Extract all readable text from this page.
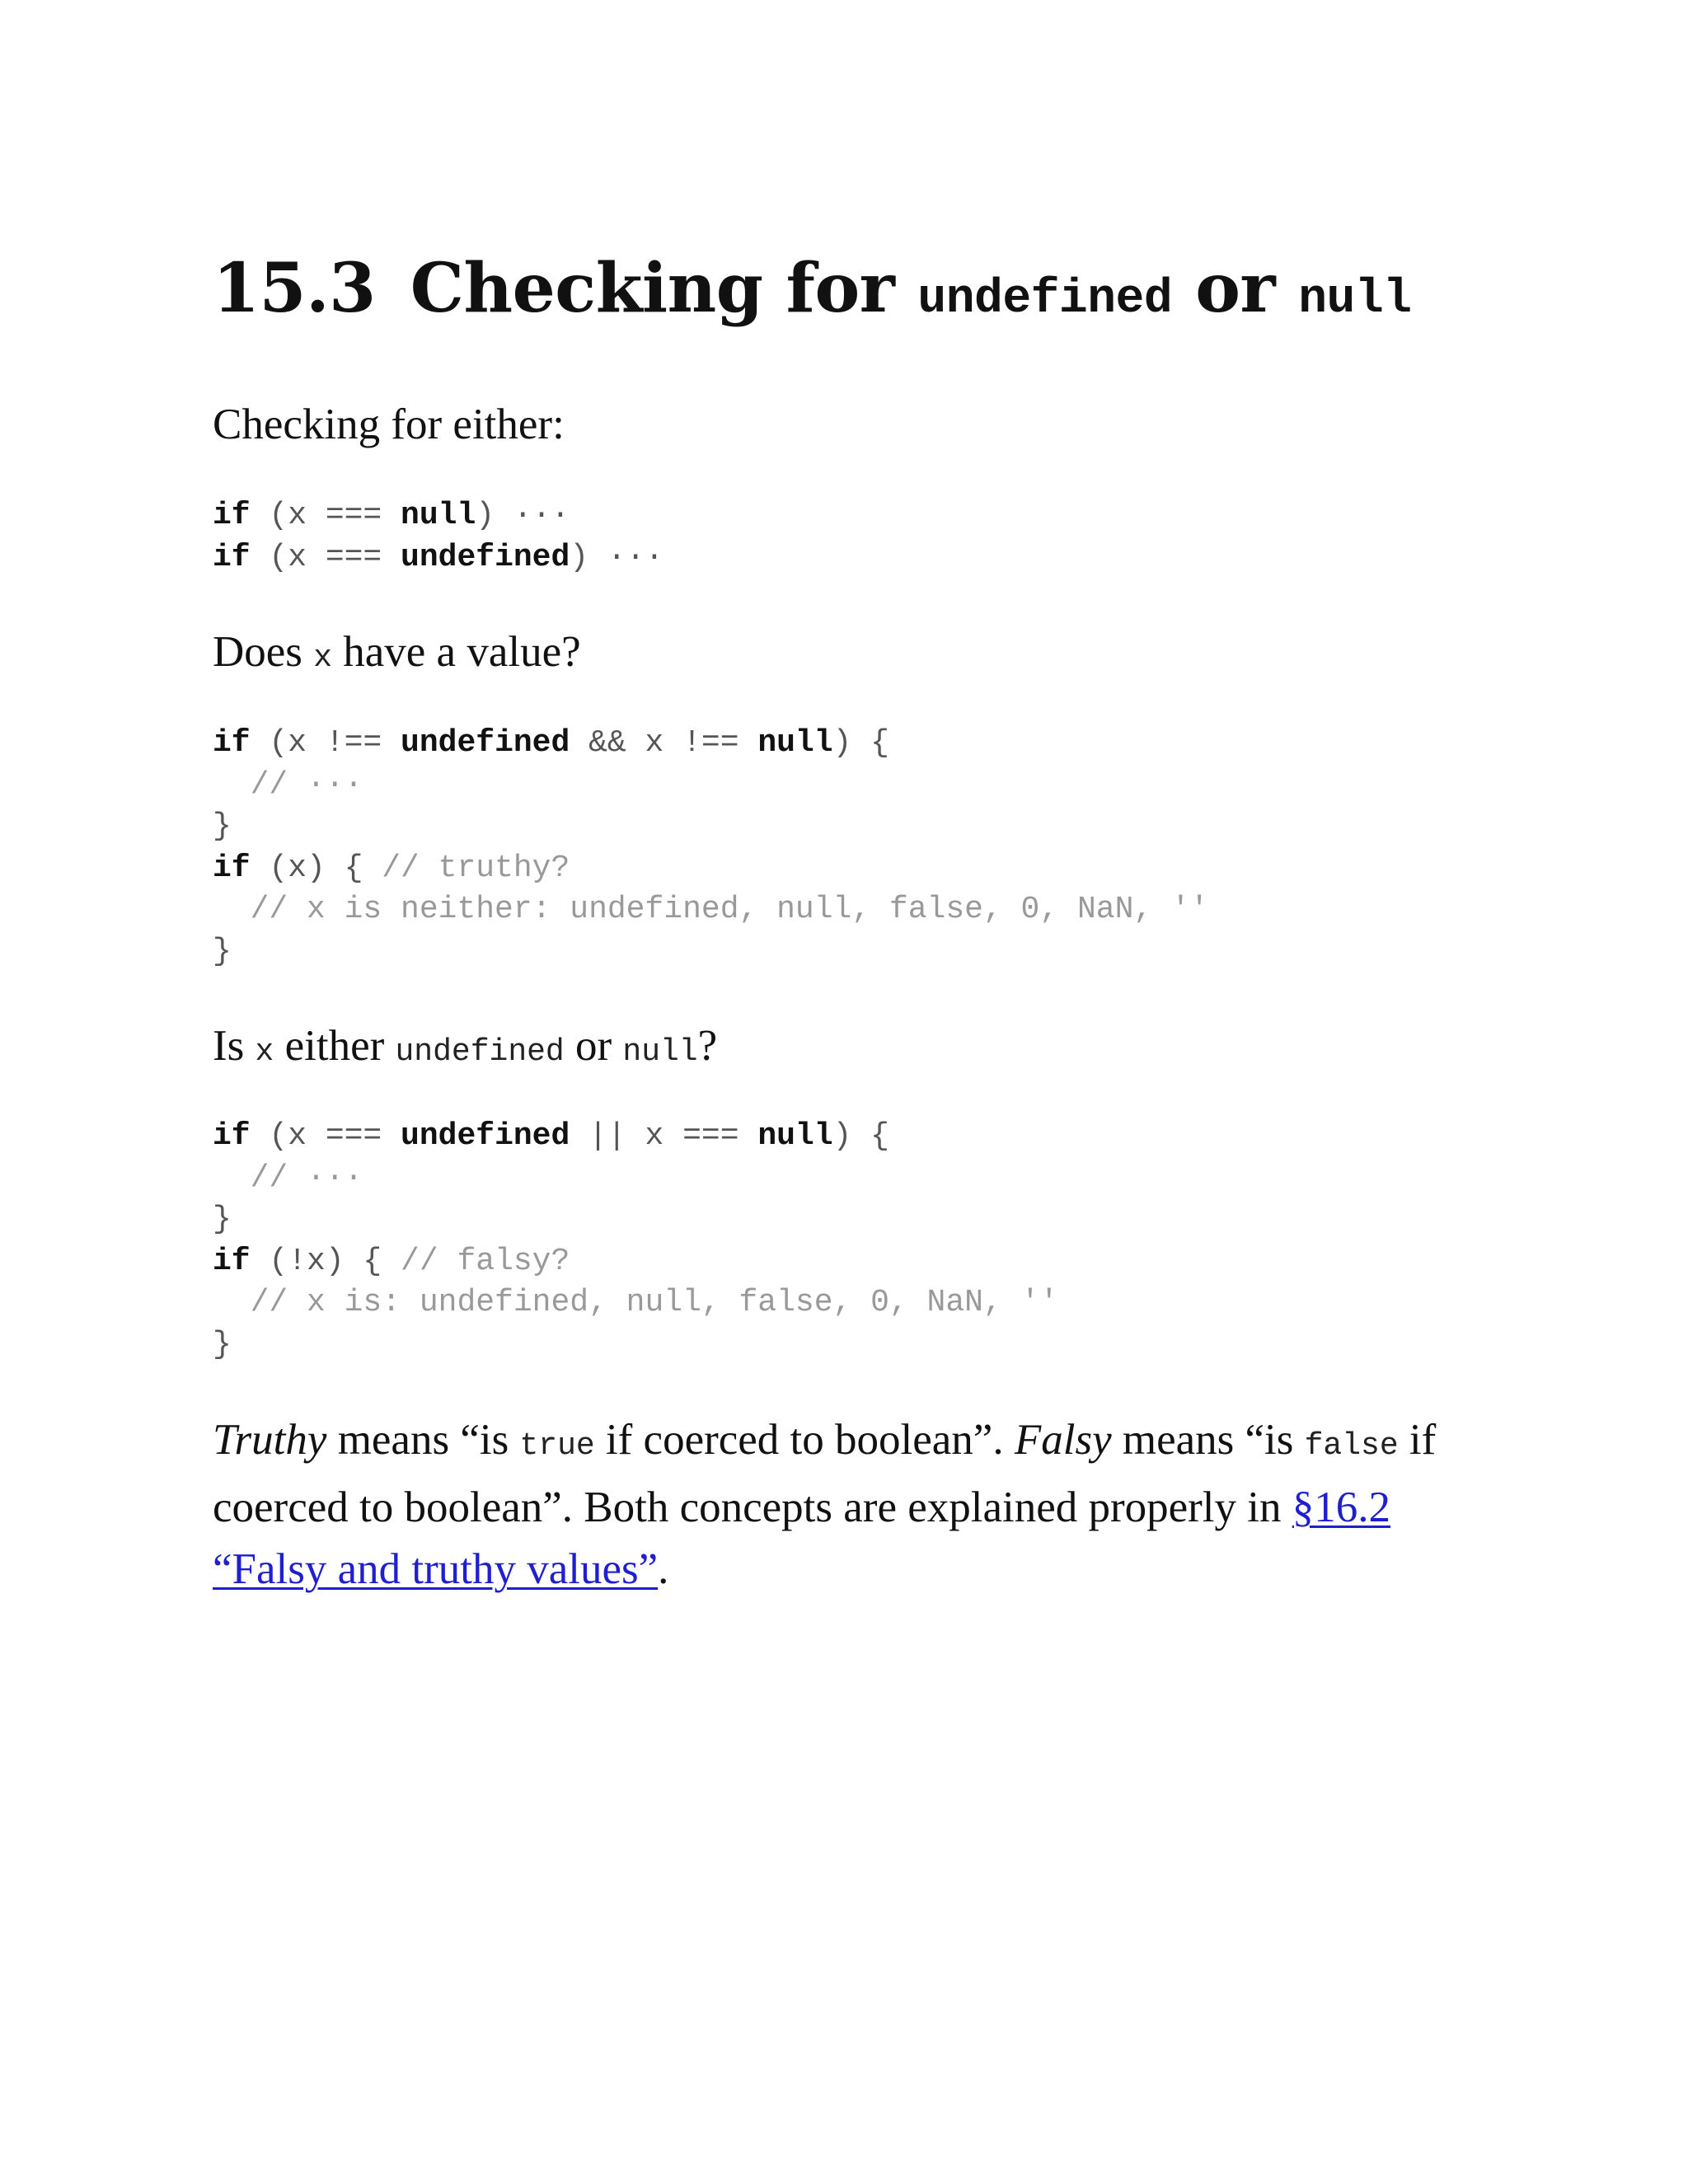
15.3 Checking for undefined or null

Checking for either:

if (x === null) ···
if (x === undefined) ···

Does x have a value?

if (x !== undefined && x !== null) {
// ···
}
if (x) { // truthy?
// x is neither: undefined, null, false, 0, NaN, ''
}

Is x either undefined or null?

if (x === undefined || x === null) {
// ···
}
if (!x) { // falsy?
// x is: undefined, null, false, 0, NaN, ''
}

Truthy means “is true if coerced to boolean”. Falsy means “is false if coerced to boolean”. Both concepts are explained properly in §16.2 “Falsy and truthy values”.
